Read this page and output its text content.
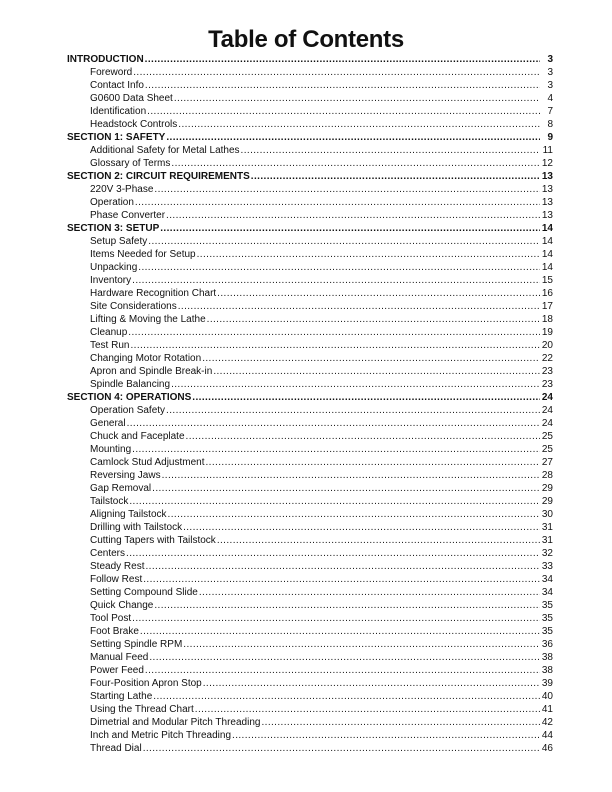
Table of Contents
INTRODUCTION .....	3
Foreword .....	3
Contact Info .....	3
G0600 Data Sheet .....	4
Identification .....	7
Headstock Controls .....	8
SECTION 1: SAFETY .....	9
Additional Safety for Metal Lathes .....	11
Glossary of Terms .....	12
SECTION 2: CIRCUIT REQUIREMENTS .....	13
220V 3-Phase .....	13
Operation .....	13
Phase Converter .....	13
SECTION 3: SETUP .....	14
Setup Safety .....	14
Items Needed for Setup .....	14
Unpacking .....	14
Inventory .....	15
Hardware Recognition Chart .....	16
Site Considerations .....	17
Lifting & Moving the Lathe .....	18
Cleanup .....	19
Test Run .....	20
Changing Motor Rotation .....	22
Apron and Spindle Break-in .....	23
Spindle Balancing .....	23
SECTION 4: OPERATIONS .....	24
Operation Safety .....	24
General .....	24
Chuck and Faceplate .....	25
Mounting .....	25
Camlock Stud Adjustment .....	27
Reversing Jaws .....	28
Gap Removal .....	29
Tailstock .....	29
Aligning Tailstock .....	30
Drilling with Tailstock .....	31
Cutting Tapers with Tailstock .....	31
Centers .....	32
Steady Rest .....	33
Follow Rest .....	34
Setting Compound Slide .....	34
Quick Change .....	35
Tool Post .....	35
Foot Brake .....	35
Setting Spindle RPM .....	36
Manual Feed .....	38
Power Feed .....	38
Four-Position Apron Stop .....	39
Starting Lathe .....	40
Using the Thread Chart .....	41
Dimetrial and Modular Pitch Threading .....	42
Inch and Metric Pitch Threading .....	44
Thread Dial .....	46
